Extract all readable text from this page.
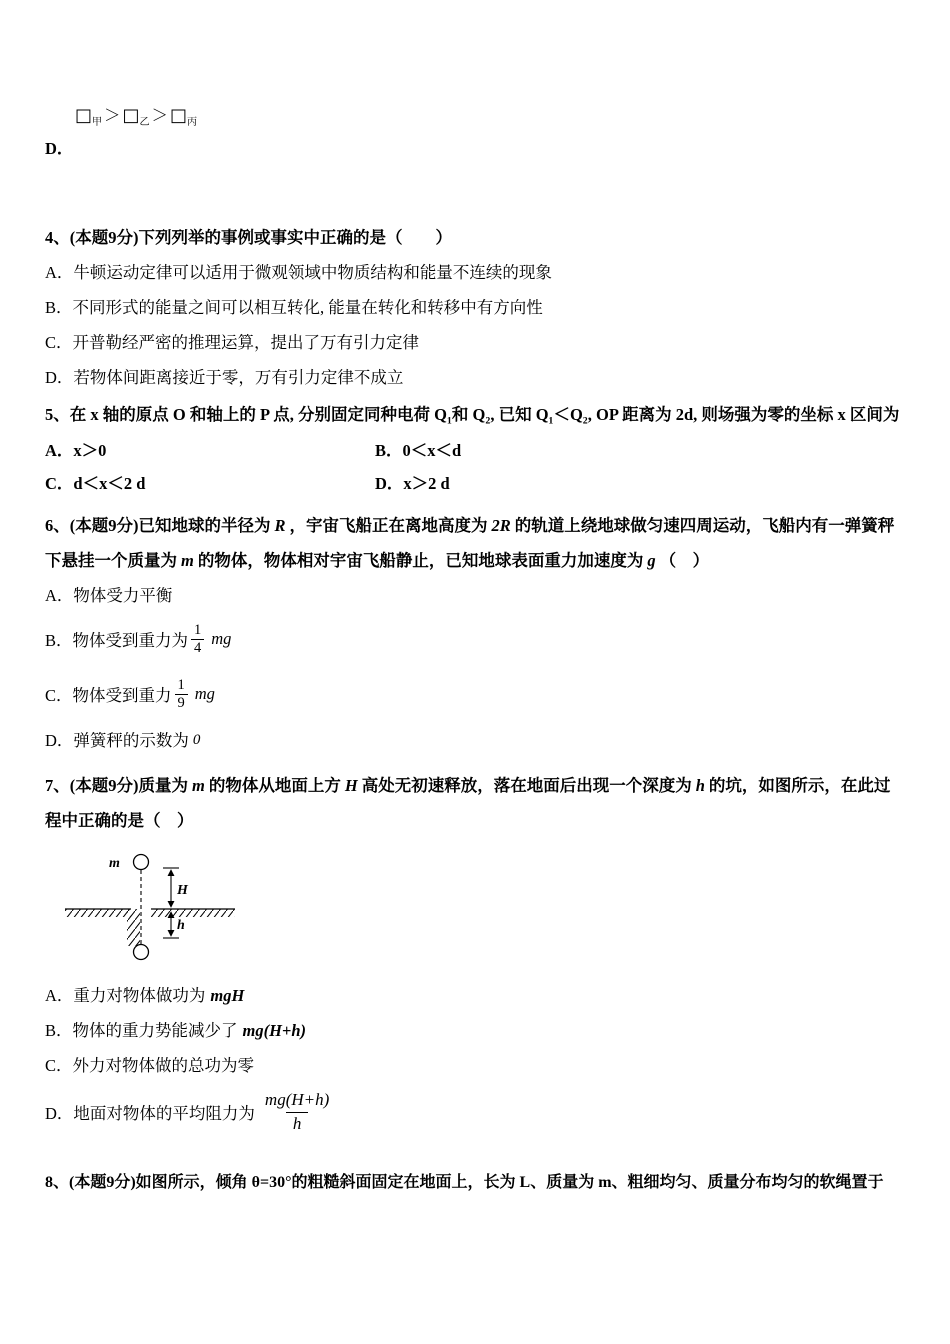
$□_甲$ ＞ $□_乙$ ＞ $□_丙$
D．

4、(本题9分)下列列举的事例或事实中正确的是（　　）

A．牛顿运动定律可以适用于微观领域中物质结构和能量不连续的现象

B．不同形式的能量之间可以相互转化, 能量在转化和转移中有方向性

C．开普勒经严密的推理运算，提出了万有引力定律

D．若物体间距离接近于零，万有引力定律不成立

5、在 x 轴的原点 O 和轴上的 P 点, 分别固定同种电荷 Q₁和 Q₂, 已知 Q₁＜Q₂, OP 距离为 2d, 则场强为零的坐标 x 区间为

A．x＞0	B．0＜x＜d
C．d＜x＜2 d	D．x＞2 d

6、(本题9分)已知地球的半径为 R ，宇宙飞船正在离地高度为 2R 的轨道上绕地球做匀速四周运动，飞船内有一弹簧秤下悬挂一个质量为 m 的物体，物体相对宇宙飞船静止，已知地球表面重力加速度为 g （　）

A．物体受力平衡

B．物体受到重力为 $\frac{1}{4}$ mg
C．物体受到重力 $\frac{1}{9}$ mg

D．弹簧秤的示数为 0

7、(本题9分)质量为 m 的物体从地面上方 H 高处无初速释放，落在地面后出现一个深度为 h 的坑，如图所示，在此过程中正确的是（　）

m
H
h

A．重力对物体做功为 mgH

B．物体的重力势能减少了 mg(H+h)

C．外力对物体做的总功为零

D．地面对物体的平均阻力为 $\frac{mg(H+h)}{h}$

8、(本题9分)如图所示，倾角 θ=30°的粗糙斜面固定在地面上，长为 L、质量为 m、粗细均匀、质量分布均匀的软绳置于
